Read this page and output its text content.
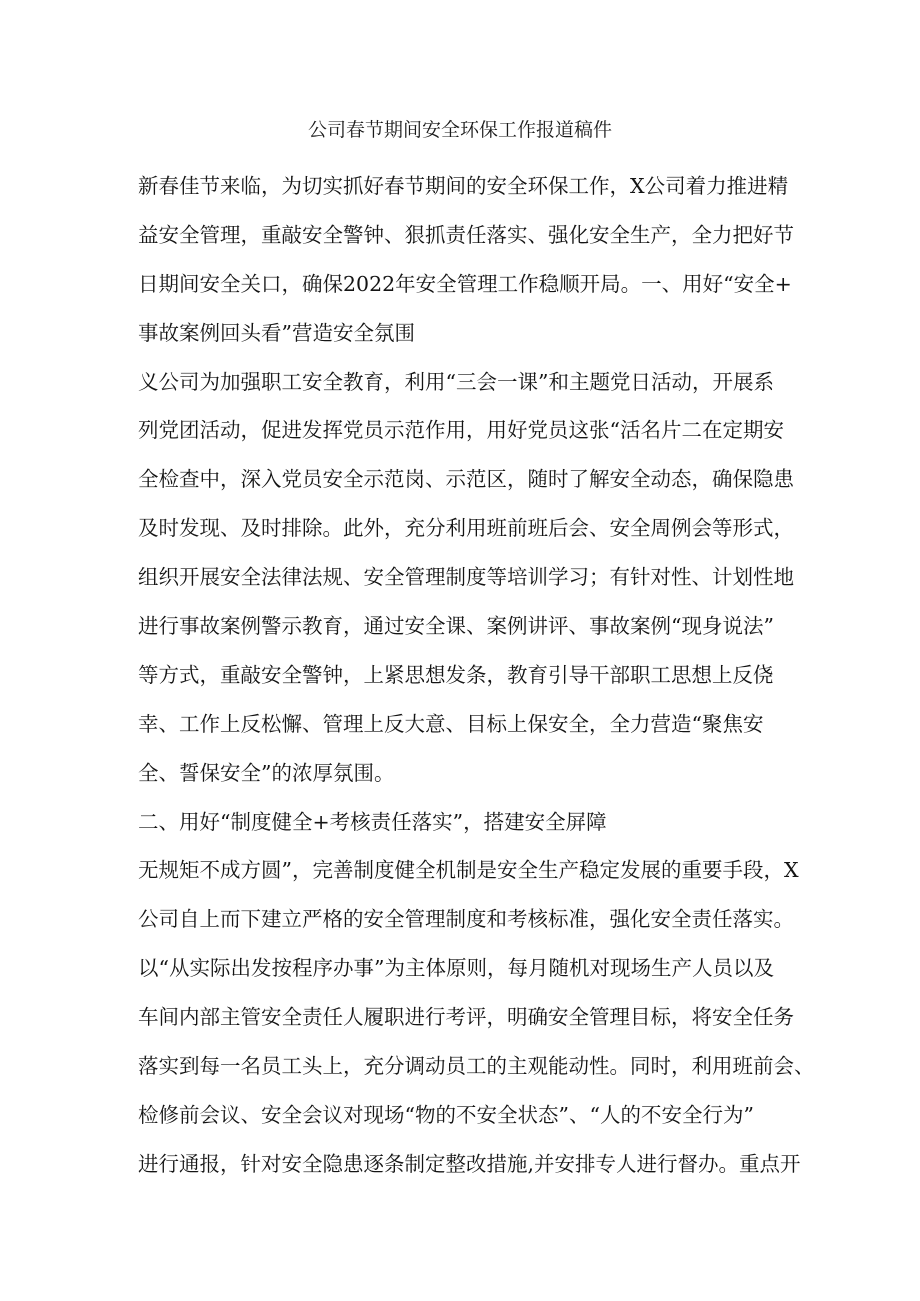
公司春节期间安全环保工作报道稿件
新春佳节来临，为切实抓好春节期间的安全环保工作，X公司着力推进精
益安全管理，重敲安全警钟、狠抓责任落实、强化安全生产，全力把好节
日期间安全关口，确保2022年安全管理工作稳顺开局。一、用好“安全+
事故案例回头看”营造安全氛围
义公司为加强职工安全教育，利用“三会一课”和主题党日活动，开展系
列党团活动，促进发挥党员示范作用，用好党员这张“活名片二在定期安
全检查中，深入党员安全示范岗、示范区，随时了解安全动态，确保隐患
及时发现、及时排除。此外，充分利用班前班后会、安全周例会等形式，
组织开展安全法律法规、安全管理制度等培训学习；有针对性、计划性地
进行事故案例警示教育，通过安全课、案例讲评、事故案例“现身说法”
等方式，重敲安全警钟，上紧思想发条，教育引导干部职工思想上反侥
幸、工作上反松懈、管理上反大意、目标上保安全，全力营造“聚焦安
全、誓保安全”的浓厚氛围。
二、用好“制度健全+考核责任落实”，搭建安全屏障
无规矩不成方圆”，完善制度健全机制是安全生产稳定发展的重要手段，X
公司自上而下建立严格的安全管理制度和考核标准，强化安全责任落实。
以“从实际出发按程序办事”为主体原则，每月随机对现场生产人员以及
车间内部主管安全责任人履职进行考评，明确安全管理目标，将安全任务
落实到每一名员工头上，充分调动员工的主观能动性。同时，利用班前会、
检修前会议、安全会议对现场“物的不安全状态”、“人的不安全行为”
进行通报，针对安全隐患逐条制定整改措施,并安排专人进行督办。重点开
